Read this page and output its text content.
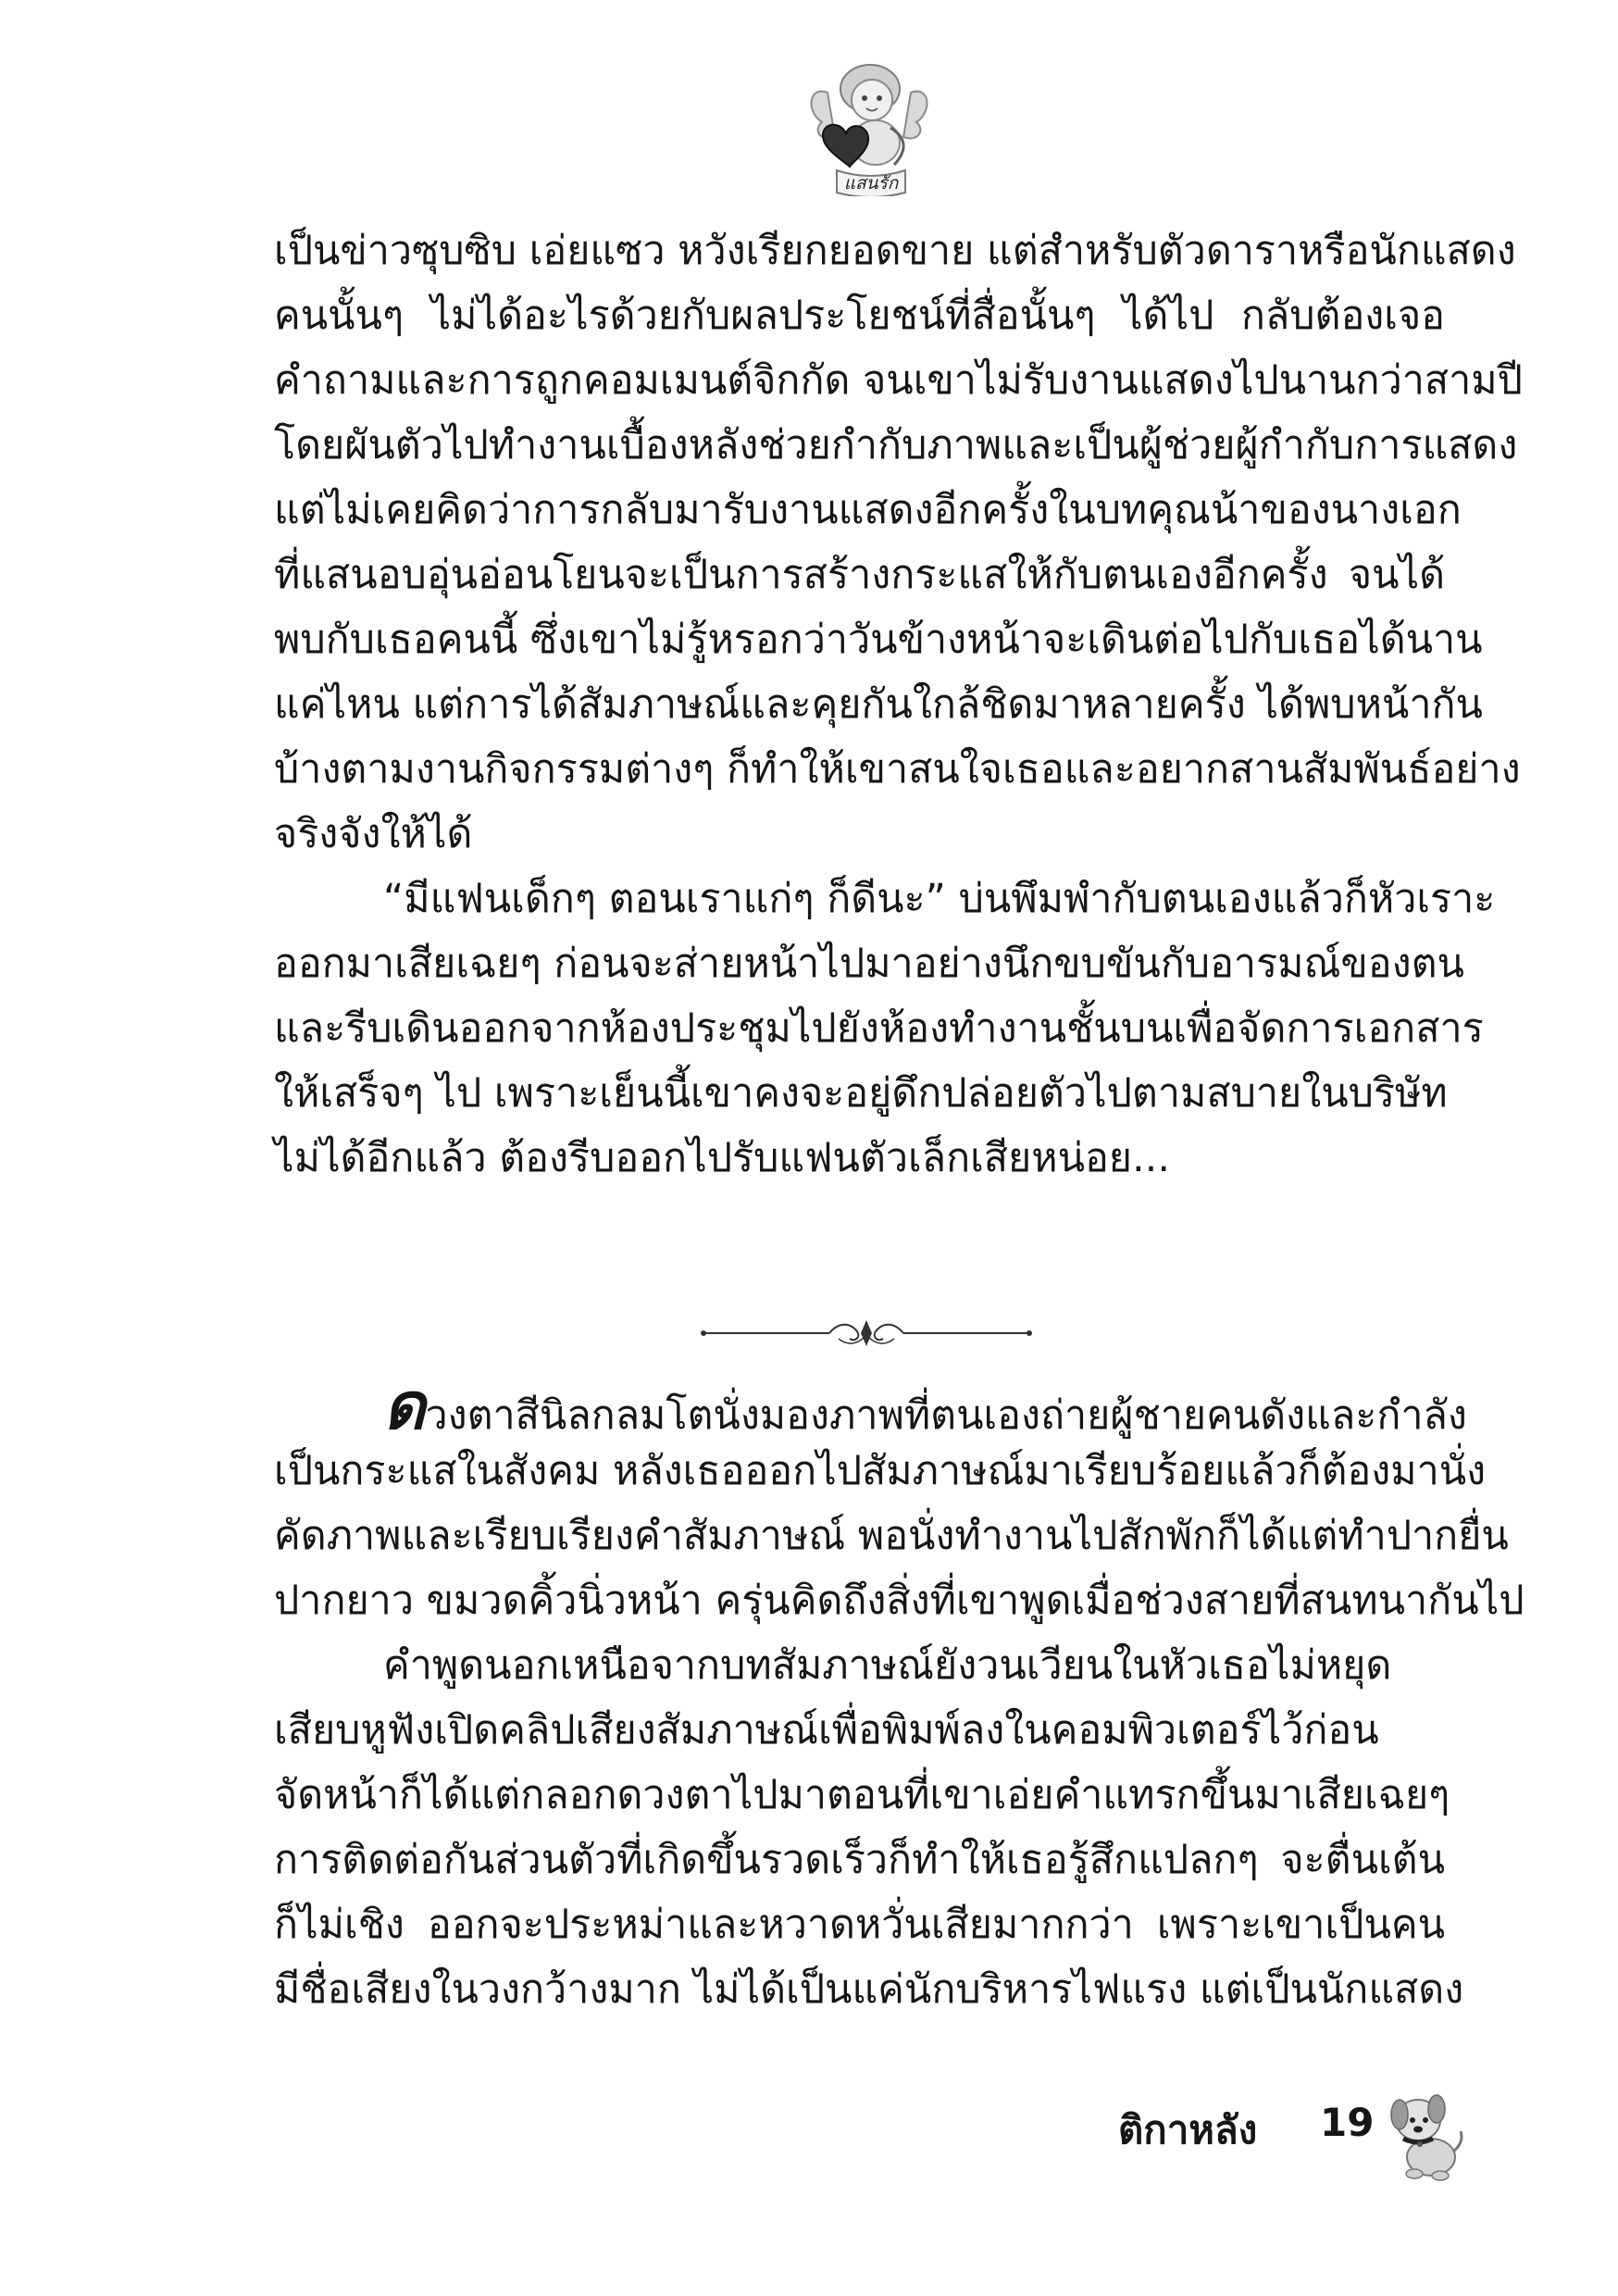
แสนรัก
เป็นข่าวซุบซิบ เอ่ยแซว หวังเรียกยอดขาย แต่สำหรับตัวดาราหรือนักแสดง
คนนั้นๆ ไม่ได้อะไรด้วยกับผลประโยชน์ที่สื่อนั้นๆ ได้ไป กลับต้องเจอ
คำถามและการถูกคอมเมนต์จิกกัด จนเขาไม่รับงานแสดงไปนานกว่าสามปี
โดยผันตัวไปทำงานเบื้องหลังช่วยกำกับภาพและเป็นผู้ช่วยผู้กำกับการแสดง
แต่ไม่เคยคิดว่าการกลับมารับงานแสดงอีกครั้งในบทคุณน้าของนางเอก
ที่แสนอบอุ่นอ่อนโยนจะเป็นการสร้างกระแสให้กับตนเองอีกครั้ง จนได้
พบกับเธอคนนี้ ซึ่งเขาไม่รู้หรอกว่าวันข้างหน้าจะเดินต่อไปกับเธอได้นาน
แค่ไหน แต่การได้สัมภาษณ์และคุยกันใกล้ชิดมาหลายครั้ง ได้พบหน้ากัน
บ้างตามงานกิจกรรมต่างๆ ก็ทำให้เขาสนใจเธอและอยากสานสัมพันธ์อย่าง
จริงจังให้ได้
“มีแฟนเด็กๆ ตอนเราแก่ๆ ก็ดีนะ” บ่นพึมพำกับตนเองแล้วก็หัวเราะ
ออกมาเสียเฉยๆ ก่อนจะส่ายหน้าไปมาอย่างนึกขบขันกับอารมณ์ของตน
และรีบเดินออกจากห้องประชุมไปยังห้องทำงานชั้นบนเพื่อจัดการเอกสาร
ให้เสร็จๆ ไป เพราะเย็นนี้เขาคงจะอยู่ดึกปล่อยตัวไปตามสบายในบริษัท
ไม่ได้อีกแล้ว ต้องรีบออกไปรับแฟนตัวเล็กเสียหน่อย...
ดวงตาสีนิลกลมโตนั่งมองภาพที่ตนเองถ่ายผู้ชายคนดังและกำลัง
เป็นกระแสในสังคม หลังเธอออกไปสัมภาษณ์มาเรียบร้อยแล้วก็ต้องมานั่ง
คัดภาพและเรียบเรียงคำสัมภาษณ์ พอนั่งทำงานไปสักพักก็ได้แต่ทำปากยื่น
ปากยาว ขมวดคิ้วนิ่วหน้า ครุ่นคิดถึงสิ่งที่เขาพูดเมื่อช่วงสายที่สนทนากันไป
คำพูดนอกเหนือจากบทสัมภาษณ์ยังวนเวียนในหัวเธอไม่หยุด
เสียบหูฟังเปิดคลิปเสียงสัมภาษณ์เพื่อพิมพ์ลงในคอมพิวเตอร์ไว้ก่อน
จัดหน้าก็ได้แต่กลอกดวงตาไปมาตอนที่เขาเอ่ยคำแทรกขึ้นมาเสียเฉยๆ
การติดต่อกันส่วนตัวที่เกิดขึ้นรวดเร็วก็ทำให้เธอรู้สึกแปลกๆ จะตื่นเต้น
ก็ไม่เชิง ออกจะประหม่าและหวาดหวั่นเสียมากกว่า เพราะเขาเป็นคน
มีชื่อเสียงในวงกว้างมาก ไม่ได้เป็นแค่นักบริหารไฟแรง แต่เป็นนักแสดง
ติกาหลัง 19
